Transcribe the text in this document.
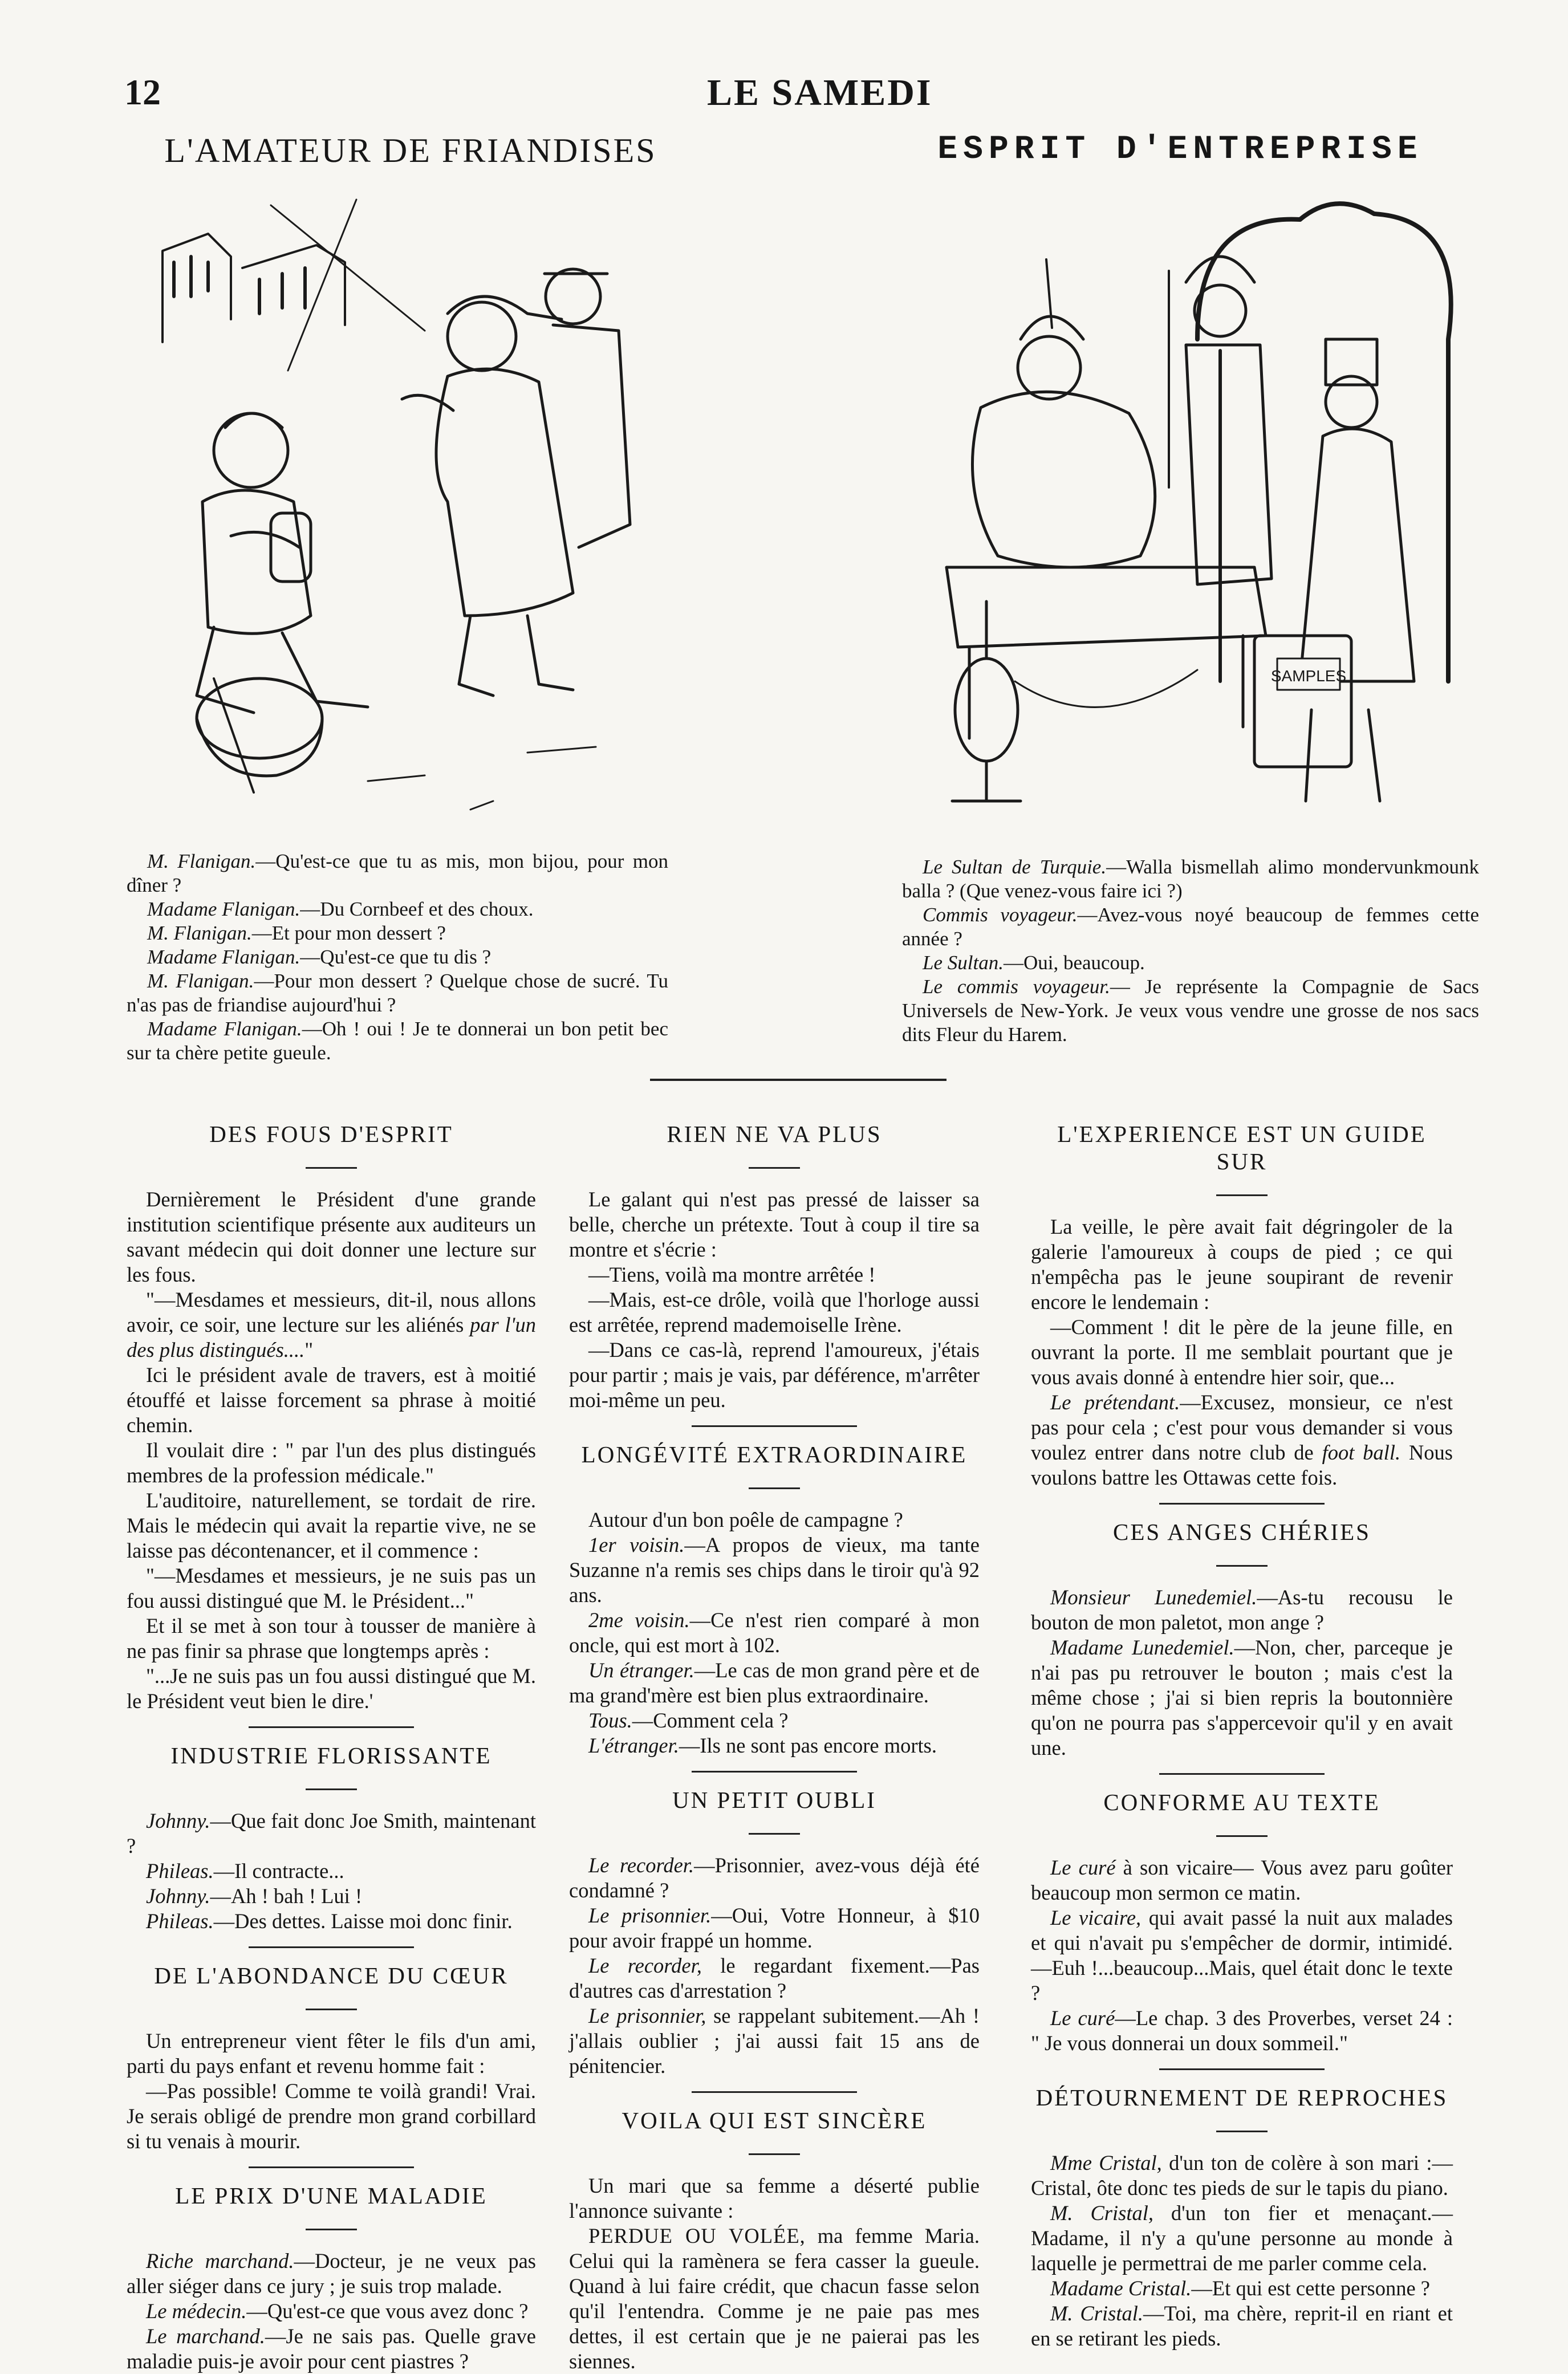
12	LE SAMEDI
L'AMATEUR DE FRIANDISES	ESPRIT D'ENTREPRISE
SAMPLES

M. Flanigan.—Qu'est-ce que tu as mis, mon bijou, pour mon dîner ?

Madame Flanigan.—Du Cornbeef et des choux.

M. Flanigan.—Et pour mon dessert ?

Madame Flanigan.—Qu'est-ce que tu dis ?

M. Flanigan.—Pour mon dessert ? Quelque chose de sucré. Tu n'as pas de friandise aujourd'hui ?

Madame Flanigan.—Oh ! oui ! Je te donnerai un bon petit bec sur ta chère petite gueule.

Le Sultan de Turquie.—Walla bismellah alimo mondervunkmounk balla ? (Que venez-vous faire ici ?)

Commis voyageur.—Avez-vous noyé beaucoup de femmes cette année ?

Le Sultan.—Oui, beaucoup.

Le commis voyageur.— Je représente la Compagnie de Sacs Universels de New-York. Je veux vous vendre une grosse de nos sacs dits Fleur du Harem.

DES FOUS D'ESPRIT

Dernièrement le Président d'une grande institution scientifique présente aux auditeurs un savant médecin qui doit donner une lecture sur les fous.

"—Mesdames et messieurs, dit-il, nous allons avoir, ce soir, une lecture sur les aliénés par l'un des plus distingués...."

Ici le président avale de travers, est à moitié étouffé et laisse forcement sa phrase à moitié chemin.

Il voulait dire : " par l'un des plus distingués membres de la profession médicale."

L'auditoire, naturellement, se tordait de rire. Mais le médecin qui avait la repartie vive, ne se laisse pas décontenancer, et il commence :

"—Mesdames et messieurs, je ne suis pas un fou aussi distingué que M. le Président..."

Et il se met à son tour à tousser de manière à ne pas finir sa phrase que longtemps après :

"...Je ne suis pas un fou aussi distingué que M. le Président veut bien le dire.'

INDUSTRIE FLORISSANTE

Johnny.—Que fait donc Joe Smith, maintenant ?

Phileas.—Il contracte...

Johnny.—Ah ! bah ! Lui !

Phileas.—Des dettes. Laisse moi donc finir.

DE L'ABONDANCE DU CŒUR

Un entrepreneur vient fêter le fils d'un ami, parti du pays enfant et revenu homme fait :

—Pas possible! Comme te voilà grandi! Vrai. Je serais obligé de prendre mon grand corbillard si tu venais à mourir.

LE PRIX D'UNE MALADIE

Riche marchand.—Docteur, je ne veux pas aller siéger dans ce jury ; je suis trop malade.

Le médecin.—Qu'est-ce que vous avez donc ?

Le marchand.—Je ne sais pas. Quelle grave maladie puis-je avoir pour cent piastres ?

RIEN NE VA PLUS

Le galant qui n'est pas pressé de laisser sa belle, cherche un prétexte. Tout à coup il tire sa montre et s'écrie :

—Tiens, voilà ma montre arrêtée !

—Mais, est-ce drôle, voilà que l'horloge aussi est arrêtée, reprend mademoiselle Irène.

—Dans ce cas-là, reprend l'amoureux, j'étais pour partir ; mais je vais, par déférence, m'arrêter moi-même un peu.

LONGÉVITÉ EXTRAORDINAIRE

Autour d'un bon poêle de campagne ?

1er voisin.—A propos de vieux, ma tante Suzanne n'a remis ses chips dans le tiroir qu'à 92 ans.

2me voisin.—Ce n'est rien comparé à mon oncle, qui est mort à 102.

Un étranger.—Le cas de mon grand père et de ma grand'mère est bien plus extraordinaire.

Tous.—Comment cela ?

L'étranger.—Ils ne sont pas encore morts.

UN PETIT OUBLI

Le recorder.—Prisonnier, avez-vous déjà été condamné ?

Le prisonnier.—Oui, Votre Honneur, à $10 pour avoir frappé un homme.

Le recorder, le regardant fixement.—Pas d'autres cas d'arrestation ?

Le prisonnier, se rappelant subitement.—Ah ! j'allais oublier ; j'ai aussi fait 15 ans de pénitencier.

VOILA QUI EST SINCÈRE

Un mari que sa femme a déserté publie l'annonce suivante :

PERDUE OU VOLÉE, ma femme Maria. Celui qui la ramènera se fera casser la gueule. Quand à lui faire crédit, que chacun fasse selon qu'il l'entendra. Comme je ne paie pas mes dettes, il est certain que je ne paierai pas les siennes.

L'EXPERIENCE EST UN GUIDE SUR

La veille, le père avait fait dégringoler de la galerie l'amoureux à coups de pied ; ce qui n'empêcha pas le jeune soupirant de revenir encore le lendemain :

—Comment ! dit le père de la jeune fille, en ouvrant la porte. Il me semblait pourtant que je vous avais donné à entendre hier soir, que...

Le prétendant.—Excusez, monsieur, ce n'est pas pour cela ; c'est pour vous demander si vous voulez entrer dans notre club de foot ball. Nous voulons battre les Ottawas cette fois.

CES ANGES CHÉRIES

Monsieur Lunedemiel.—As-tu recousu le bouton de mon paletot, mon ange ?

Madame Lunedemiel.—Non, cher, parceque je n'ai pas pu retrouver le bouton ; mais c'est la même chose ; j'ai si bien repris la boutonnière qu'on ne pourra pas s'appercevoir qu'il y en avait une.

CONFORME AU TEXTE

Le curé à son vicaire— Vous avez paru goûter beaucoup mon sermon ce matin.

Le vicaire, qui avait passé la nuit aux malades et qui n'avait pu s'empêcher de dormir, intimidé.—Euh !...beaucoup...Mais, quel était donc le texte ?

Le curé—Le chap. 3 des Proverbes, verset 24 : " Je vous donnerai un doux sommeil."

DÉTOURNEMENT DE REPROCHES

Mme Cristal, d'un ton de colère à son mari :—Cristal, ôte donc tes pieds de sur le tapis du piano.

M. Cristal, d'un ton fier et menaçant.—Madame, il n'y a qu'une personne au monde à laquelle je permettrai de me parler comme cela.

Madame Cristal.—Et qui est cette personne ?

M. Cristal.—Toi, ma chère, reprit-il en riant et en se retirant les pieds.
